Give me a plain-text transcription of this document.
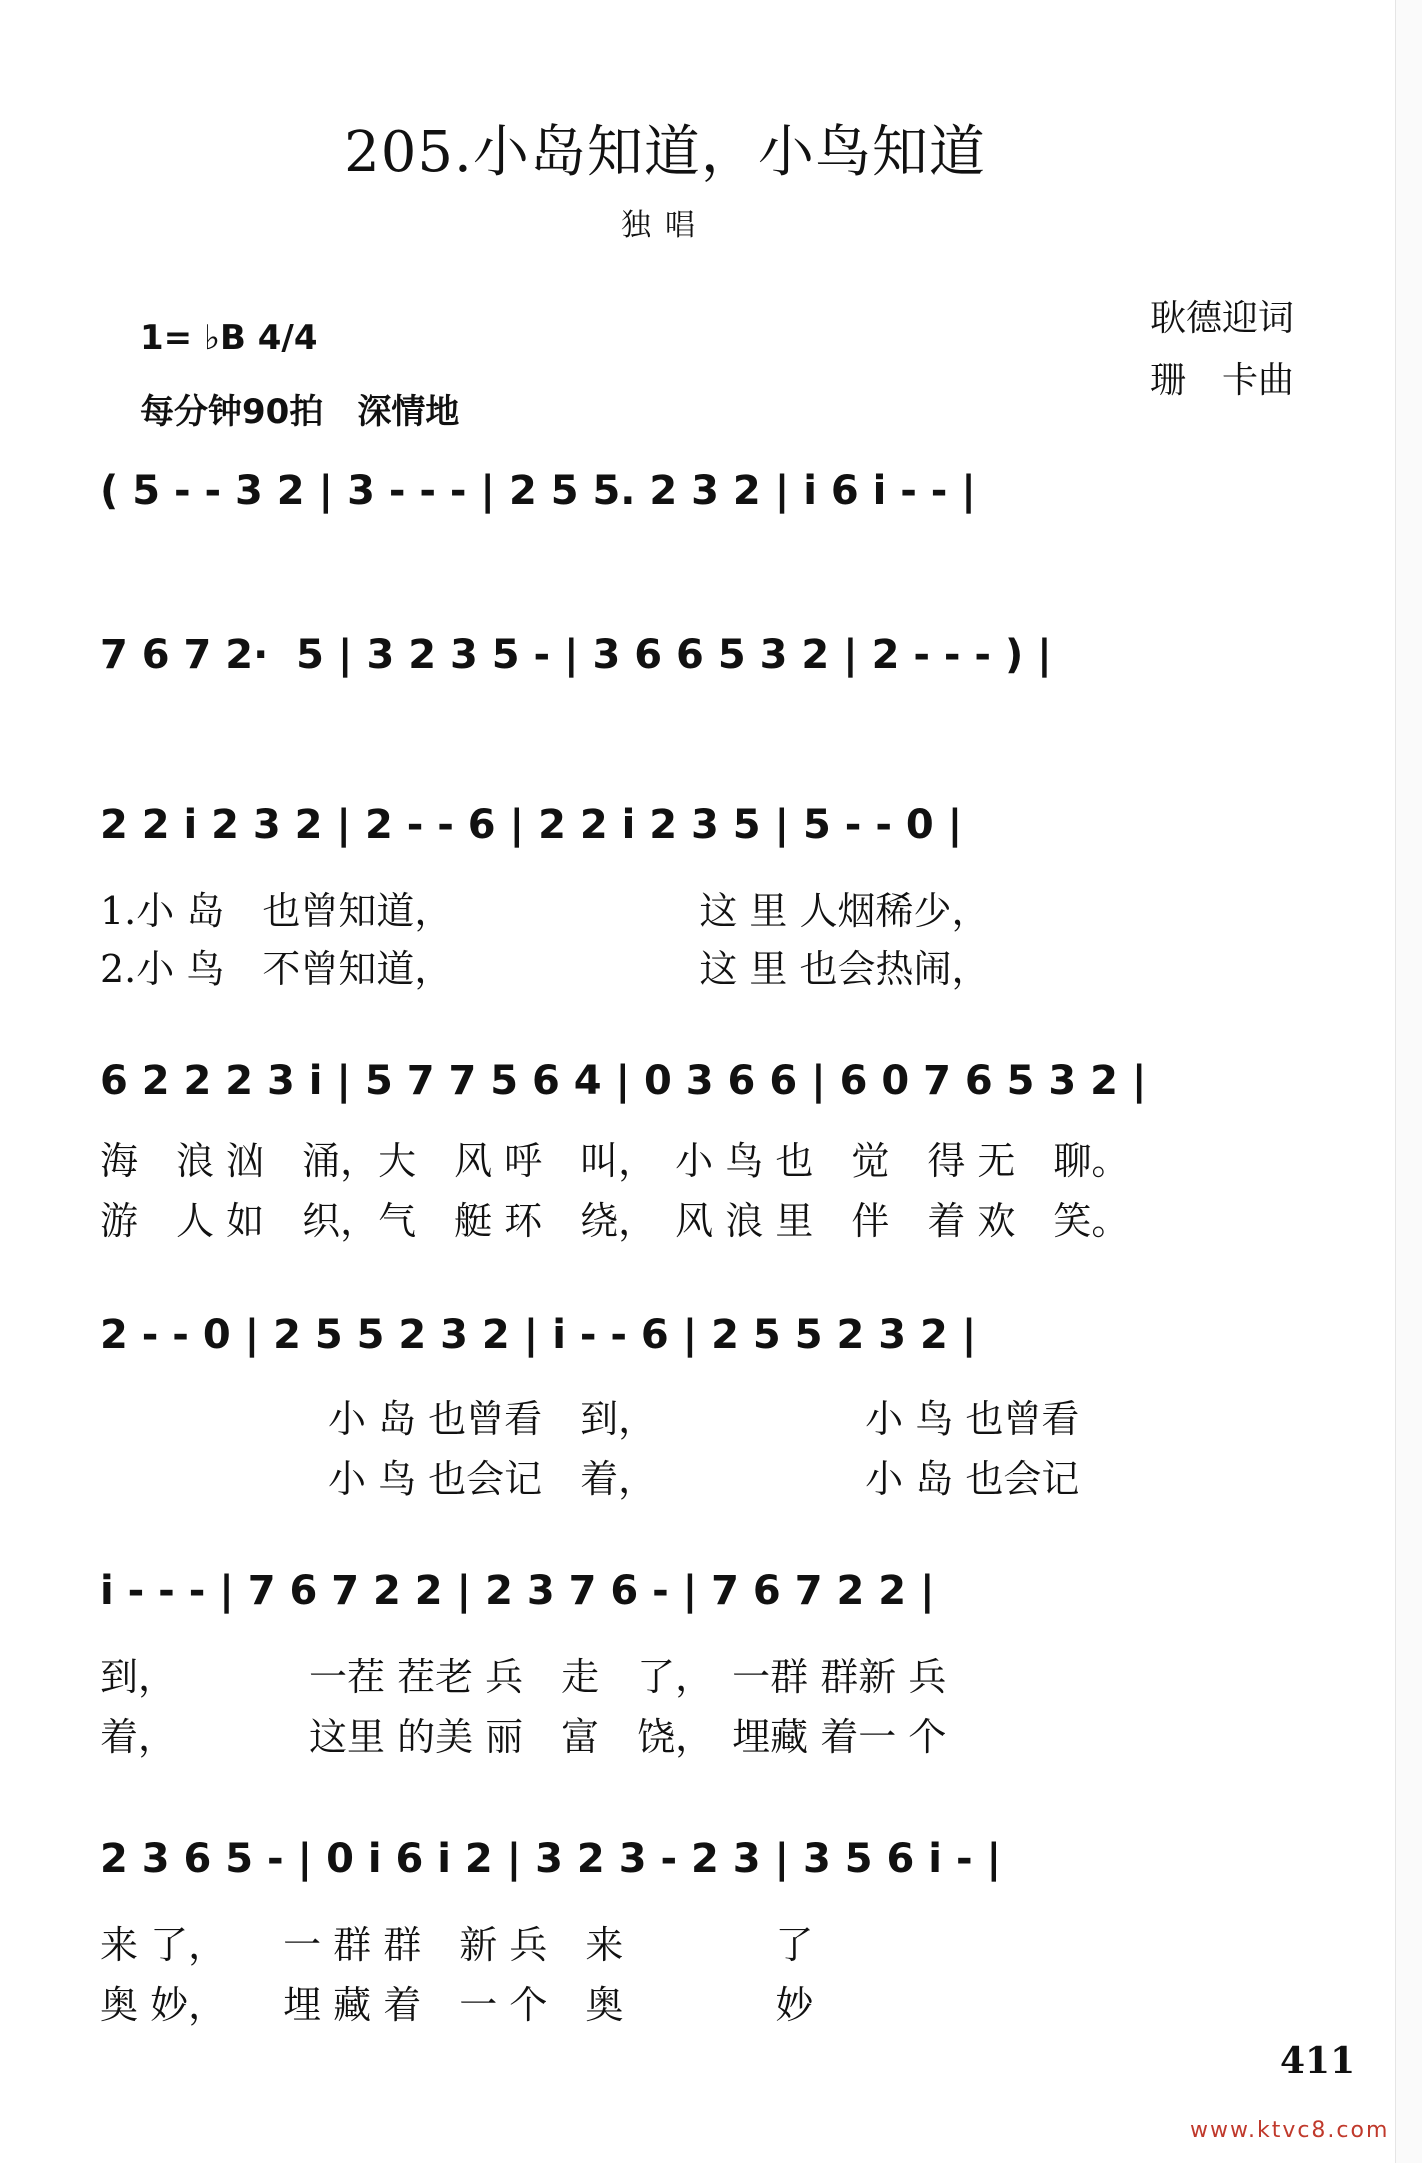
205.小岛知道，小鸟知道
独唱
1= ♭B 4/4
每分钟90拍　深情地
耿德迎词
珊　卡曲
( 5 - - 3 2 | 3 - - - | 2 5 5. 2 3 2 | i 6 i - - |
7 6 7 2·  5 | 3 2 3 5 - | 3 6 6 5 3 2 | 2 - - - ) |
2 2 i 2 3 2 | 2 - - 6 | 2 2 i 2 3 5 | 5 - - 0 |
1.小 岛　也曾知道，　　　　　　　这 里 人烟稀少，
2.小 鸟　不曾知道，　　　　　　　这 里 也会热闹，
6 2 2 2 3 i | 5 7 7 5 6 4 | 0 3 6 6 | 6 0 7 6 5 3 2 |
海　浪 汹　涌，大　风 呼　叫，　小 鸟 也　觉　得 无　聊。
游　人 如　织，气　艇 环　绕，　风 浪 里　伴　着 欢　笑。
2 - - 0 | 2 5 5 2 3 2 | i - - 6 | 2 5 5 2 3 2 |
　　　　　　小 岛 也曾看　到，　　　　　　小 鸟 也曾看
　　　　　　小 鸟 也会记　着，　　　　　　小 岛 也会记
i - - - | 7 6 7 2 2 | 2 3 7 6 - | 7 6 7 2 2 |
到，　　　　一茬 茬老 兵　走　了，　一群 群新 兵
着，　　　　这里 的美 丽　富　饶，　埋藏 着一 个
2 3 6 5 - | 0 i 6 i 2 | 3 2 3 - 2 3 | 3 5 6 i - |
来 了，　　一 群 群　新 兵　来　　　　了
奥 妙，　　埋 藏 着　一 个　奥　　　　妙
411
www.ktvc8.com
